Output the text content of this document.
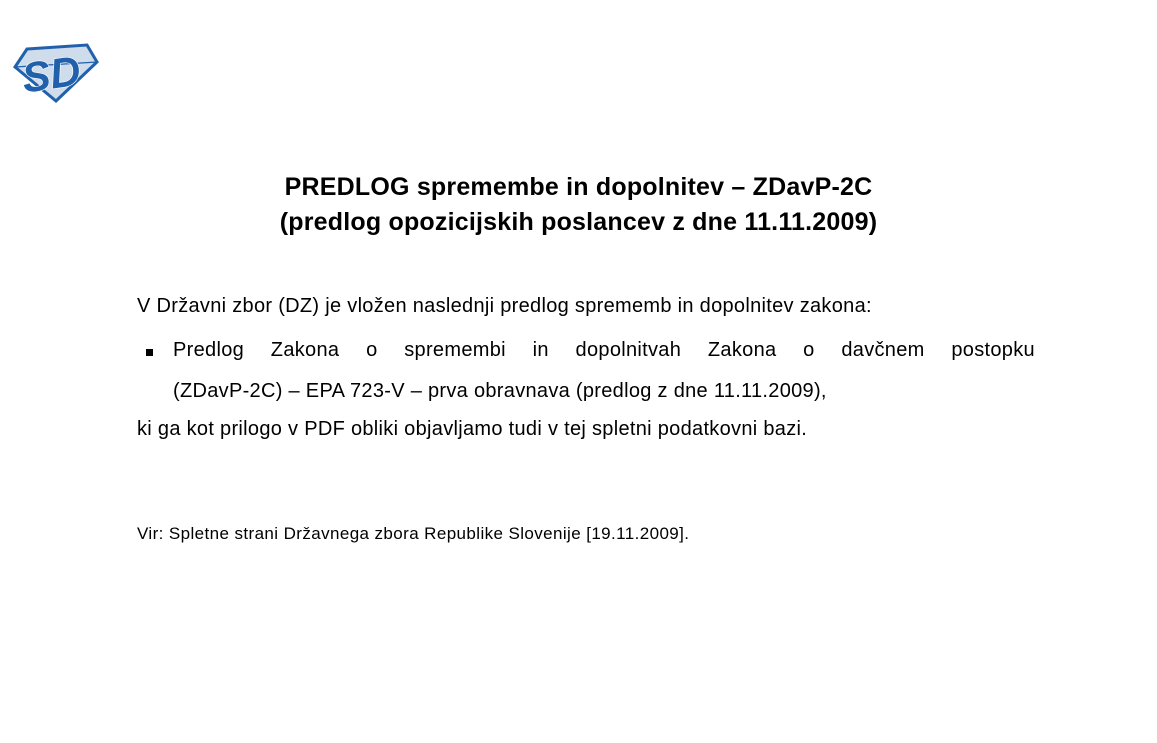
SD
PREDLOG spremembe in dopolnitev – ZDavP-2C
(predlog opozicijskih poslancev z dne 11.11.2009)
V Državni zbor (DZ) je vložen naslednji predlog sprememb in dopolnitev zakona:
Predlog Zakona o spremembi in dopolnitvah Zakona o davčnem postopku
(ZDavP-2C) – EPA 723-V – prva obravnava (predlog z dne 11.11.2009),
ki ga kot prilogo v PDF obliki objavljamo tudi v tej spletni podatkovni bazi.
Vir: Spletne strani Državnega zbora Republike Slovenije [19.11.2009].
